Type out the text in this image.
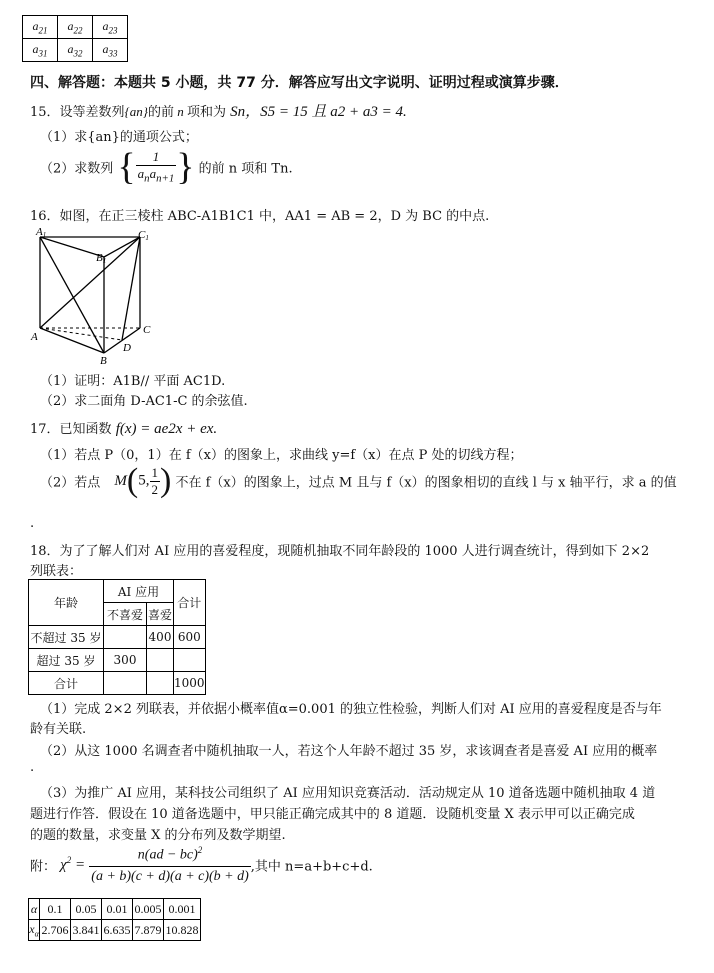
$a_{21}$	$a_{22}$	$a_{23}$
$a_{31}$	$a_{32}$	$a_{33}$
四、解答题：本题共 5 小题，共 77 分．解答应写出文字说明、证明过程或演算步骤．
15．设等差数列{an}的前 n 项和为 Sn，S5 = 15 且 a2 + a3 = 4.
（1）求{an}的通项公式；
（2）求数列 { $\frac{1}{a_na_{n+1}}$ } 的前 n 项和 Tn.
16．如图，在正三棱柱 ABC-A1B1C1 中，AA1 = AB = 2，D 为 BC 的中点.
A1	C1
B1
A
B
C
D
（1）证明：A1B// 平面 AC1D.
（2）求二面角 D-AC1-C 的余弦值.
17．已知函数 f(x) = ae2x + ex.
（1）若点 P（0，1）在 f（x）的图象上，求曲线 y=f（x）在点 P 处的切线方程；
（2）若点 M(5, $\frac{1}{2}$ ) 不在 f（x）的图象上，过点 M 且与 f（x）的图象相切的直线 l 与 x 轴平行，求 a 的值
.
18．为了了解人们对 AI 应用的喜爱程度，现随机抽取不同年龄段的 1000 人进行调查统计，得到如下 2×2
列联表：
年龄	AI 应用		合计
	不喜爱	喜爱	
不超过 35 岁		400	600
超过 35 岁	300		
合计			1000
（1）完成 2×2 列联表，并依据小概率值α=0.001 的独立性检验，判断人们对 AI 应用的喜爱程度是否与年
龄有关联.
（2）从这 1000 名调查者中随机抽取一人，若这个人年龄不超过 35 岁，求该调查者是喜爱 AI 应用的概率
.
（3）为推广 AI 应用，某科技公司组织了 AI 应用知识竞赛活动．活动规定从 10 道备选题中随机抽取 4 道
题进行作答．假设在 10 道备选题中，甲只能正确完成其中的 8 道题．设随机变量 X 表示甲可以正确完成
的题的数量，求变量 X 的分布列及数学期望.
附： $\chi^2 = \frac{n(ad - bc)^2}{(a + b)(c + d)(a + c)(b + d)}$ ,其中 n=a+b+c+d.
α	0.1	0.05	0.01	0.005	0.001
$x_\alpha$	2.706	3.841	6.635	7.879	10.828
